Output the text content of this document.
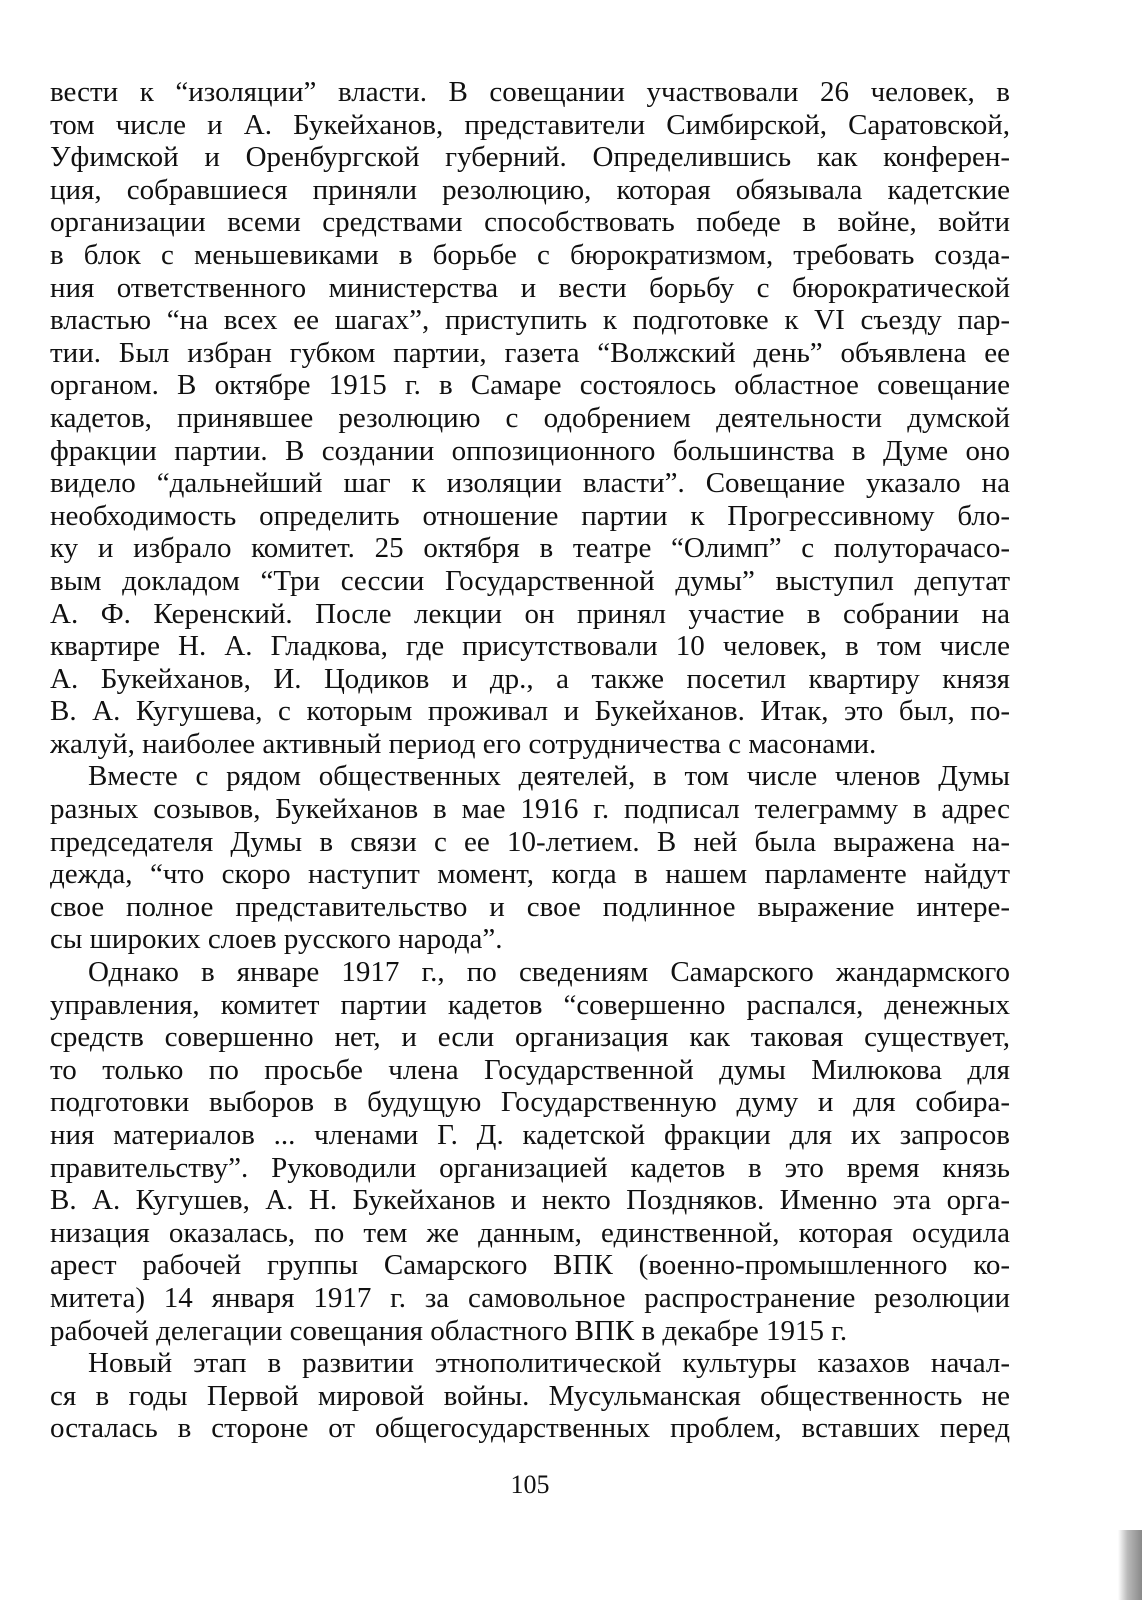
вести к “изоляции” власти. В совещании участвовали 26 человек, в
том числе и А. Букейханов, представители Симбирской, Саратовской,
Уфимской и Оренбургской губерний. Определившись как конферен-
ция, собравшиеся приняли резолюцию, которая обязывала кадетские
организации всеми средствами способствовать победе в войне, войти
в блок с меньшевиками в борьбе с бюрократизмом, требовать созда-
ния ответственного министерства и вести борьбу с бюрократической
властью “на всех ее шагах”, приступить к подготовке к VI съезду пар-
тии. Был избран губком партии, газета “Волжский день” объявлена ее
органом. В октябре 1915 г. в Самаре состоялось областное совещание
кадетов, принявшее резолюцию с одобрением деятельности думской
фракции партии. В создании оппозиционного большинства в Думе оно
видело “дальнейший шаг к изоляции власти”. Совещание указало на
необходимость определить отношение партии к Прогрессивному бло-
ку и избрало комитет. 25 октября в театре “Олимп” с полуторачасо-
вым докладом “Три сессии Государственной думы” выступил депутат
А. Ф. Керенский. После лекции он принял участие в собрании на
квартире Н. А. Гладкова, где присутствовали 10 человек, в том числе
А. Букейханов, И. Цодиков и др., а также посетил квартиру князя
В. А. Кугушева, с которым проживал и Букейханов. Итак, это был, по-
жалуй, наиболее активный период его сотрудничества с масонами.
Вместе с рядом общественных деятелей, в том числе членов Думы
разных созывов, Букейханов в мае 1916 г. подписал телеграмму в адрес
председателя Думы в связи с ее 10-летием. В ней была выражена на-
дежда, “что скоро наступит момент, когда в нашем парламенте найдут
свое полное представительство и свое подлинное выражение интере-
сы широких слоев русского народа”.
Однако в январе 1917 г., по сведениям Самарского жандармского
управления, комитет партии кадетов “совершенно распался, денежных
средств совершенно нет, и если организация как таковая существует,
то только по просьбе члена Государственной думы Милюкова для
подготовки выборов в будущую Государственную думу и для собира-
ния материалов ... членами Г. Д. кадетской фракции для их запросов
правительству”. Руководили организацией кадетов в это время князь
В. А. Кугушев, А. Н. Букейханов и некто Поздняков. Именно эта орга-
низация оказалась, по тем же данным, единственной, которая осудила
арест рабочей группы Самарского ВПК (военно-промышленного ко-
митета) 14 января 1917 г. за самовольное распространение резолюции
рабочей делегации совещания областного ВПК в декабре 1915 г.
Новый этап в развитии этнополитической культуры казахов начал-
ся в годы Первой мировой войны. Мусульманская общественность не
осталась в стороне от общегосударственных проблем, вставших перед
105
